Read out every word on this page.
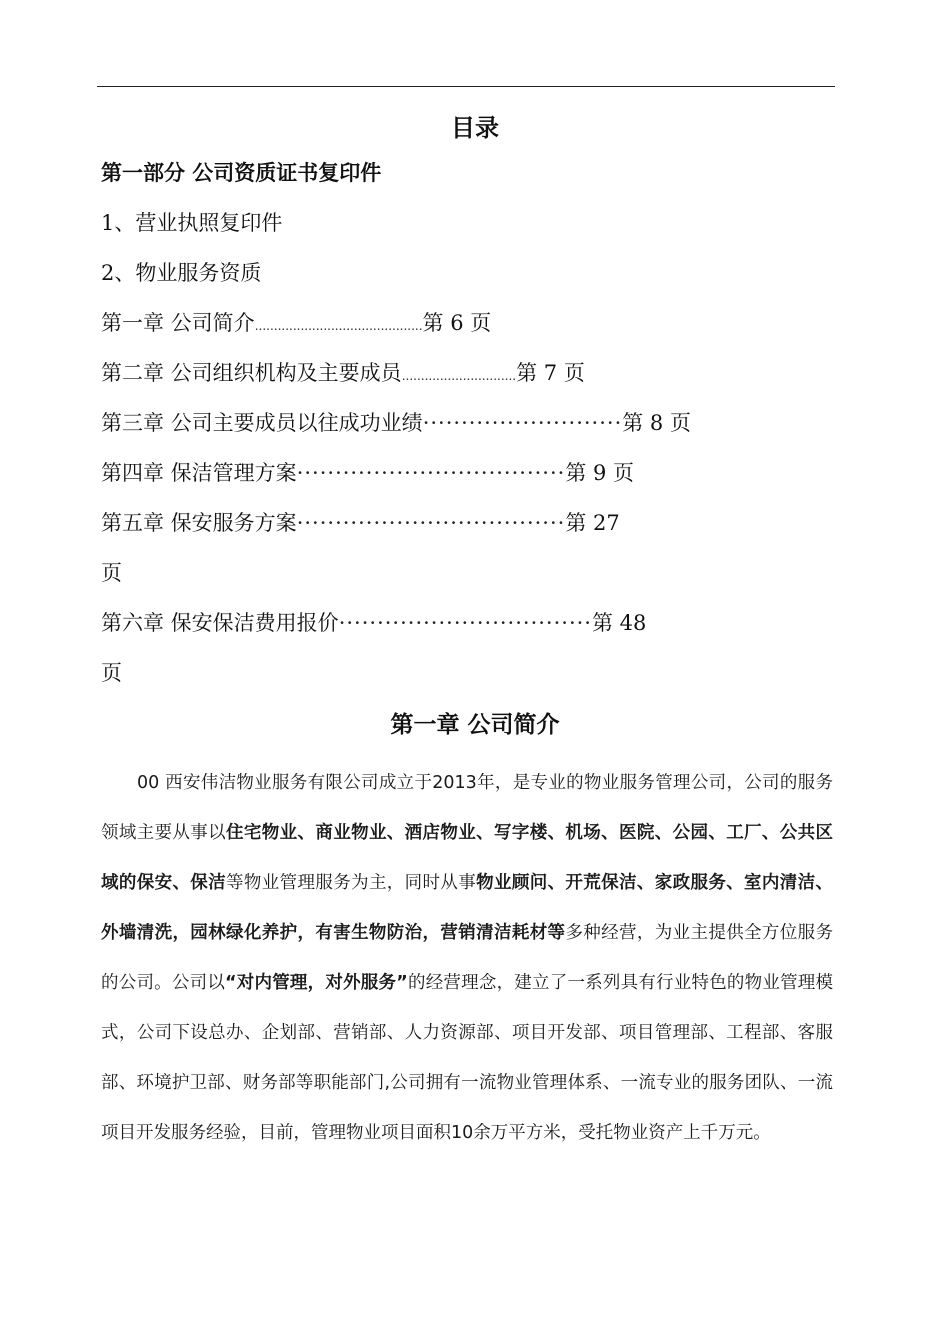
目录
第一部分 公司资质证书复印件
1、营业执照复印件
2、物业服务资质
第一章 公司简介............................................第 6 页
第二章 公司组织机构及主要成员..............................第 7 页
第三章 公司主要成员以往成功业绩··························第 8 页
第四章 保洁管理方案···································第 9 页
第五章 保安服务方案···································第 27
页
第六章 保安保洁费用报价·································第 48
页
第一章 公司简介
00 西安伟洁物业服务有限公司成立于2013年，是专业的物业服务管理公司，公司的服务领域主要从事以住宅物业、商业物业、酒店物业、写字楼、机场、医院、公园、工厂、公共区域的保安、保洁等物业管理服务为主，同时从事物业顾问、开荒保洁、家政服务、室内清洁、外墙清洗，园林绿化养护，有害生物防治，营销清洁耗材等多种经营，为业主提供全方位服务的公司。公司以“对内管理，对外服务”的经营理念，建立了一系列具有行业特色的物业管理模式，公司下设总办、企划部、营销部、人力资源部、项目开发部、项目管理部、工程部、客服部、环境护卫部、财务部等职能部门,公司拥有一流物业管理体系、一流专业的服务团队、一流项目开发服务经验，目前，管理物业项目面积10余万平方米，受托物业资产上千万元。
